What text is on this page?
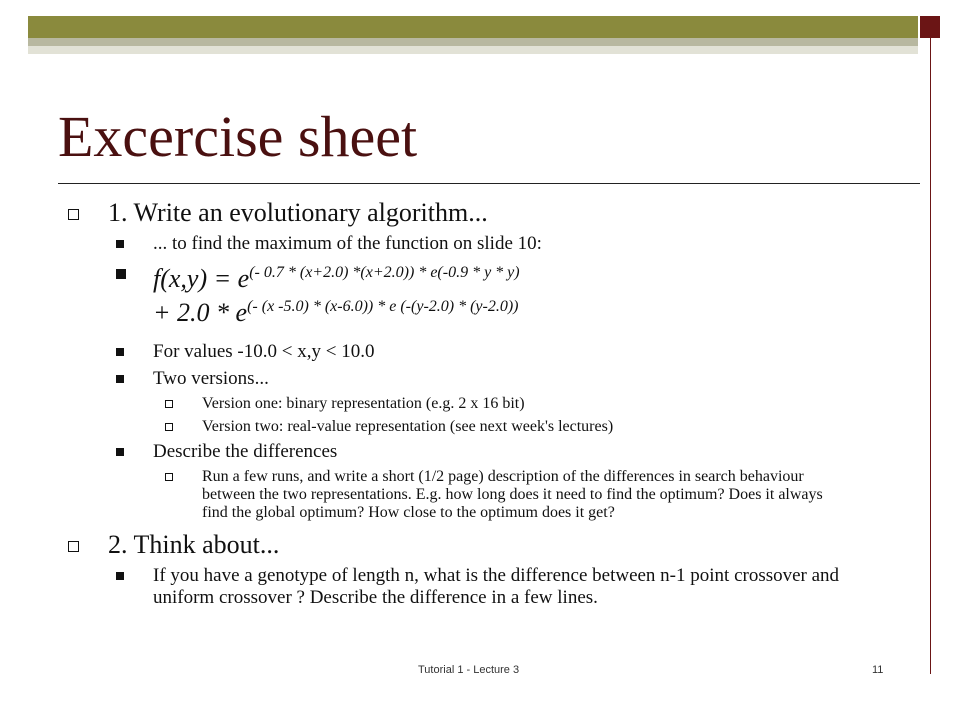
Excercise sheet
1. Write an evolutionary algorithm...
... to find the maximum of the function on slide 10:
$f(x,y) = e^{(- 0.7 * (x+2.0) *(x+2.0)) * e(-0.9 * y * y)}$
+ $2.0 * e^{(- (x -5.0) * (x-6.0)) * e (-(y-2.0) * (y-2.0))}$
For values -10.0 < x,y < 10.0
Two versions...
Version one: binary representation (e.g. 2 x 16 bit)
Version two: real-value representation (see next week's lectures)
Describe the differences
Run a few runs, and write a short (1/2 page) description of the differences in search behaviour between the two representations. E.g. how long does it need to find the optimum? Does it always find the global optimum? How close to the optimum does it get?
2. Think about...
If you have a genotype of length n, what is the difference between n-1 point crossover and uniform crossover ? Describe the difference in a few lines.
Tutorial 1 - Lecture 3	11
